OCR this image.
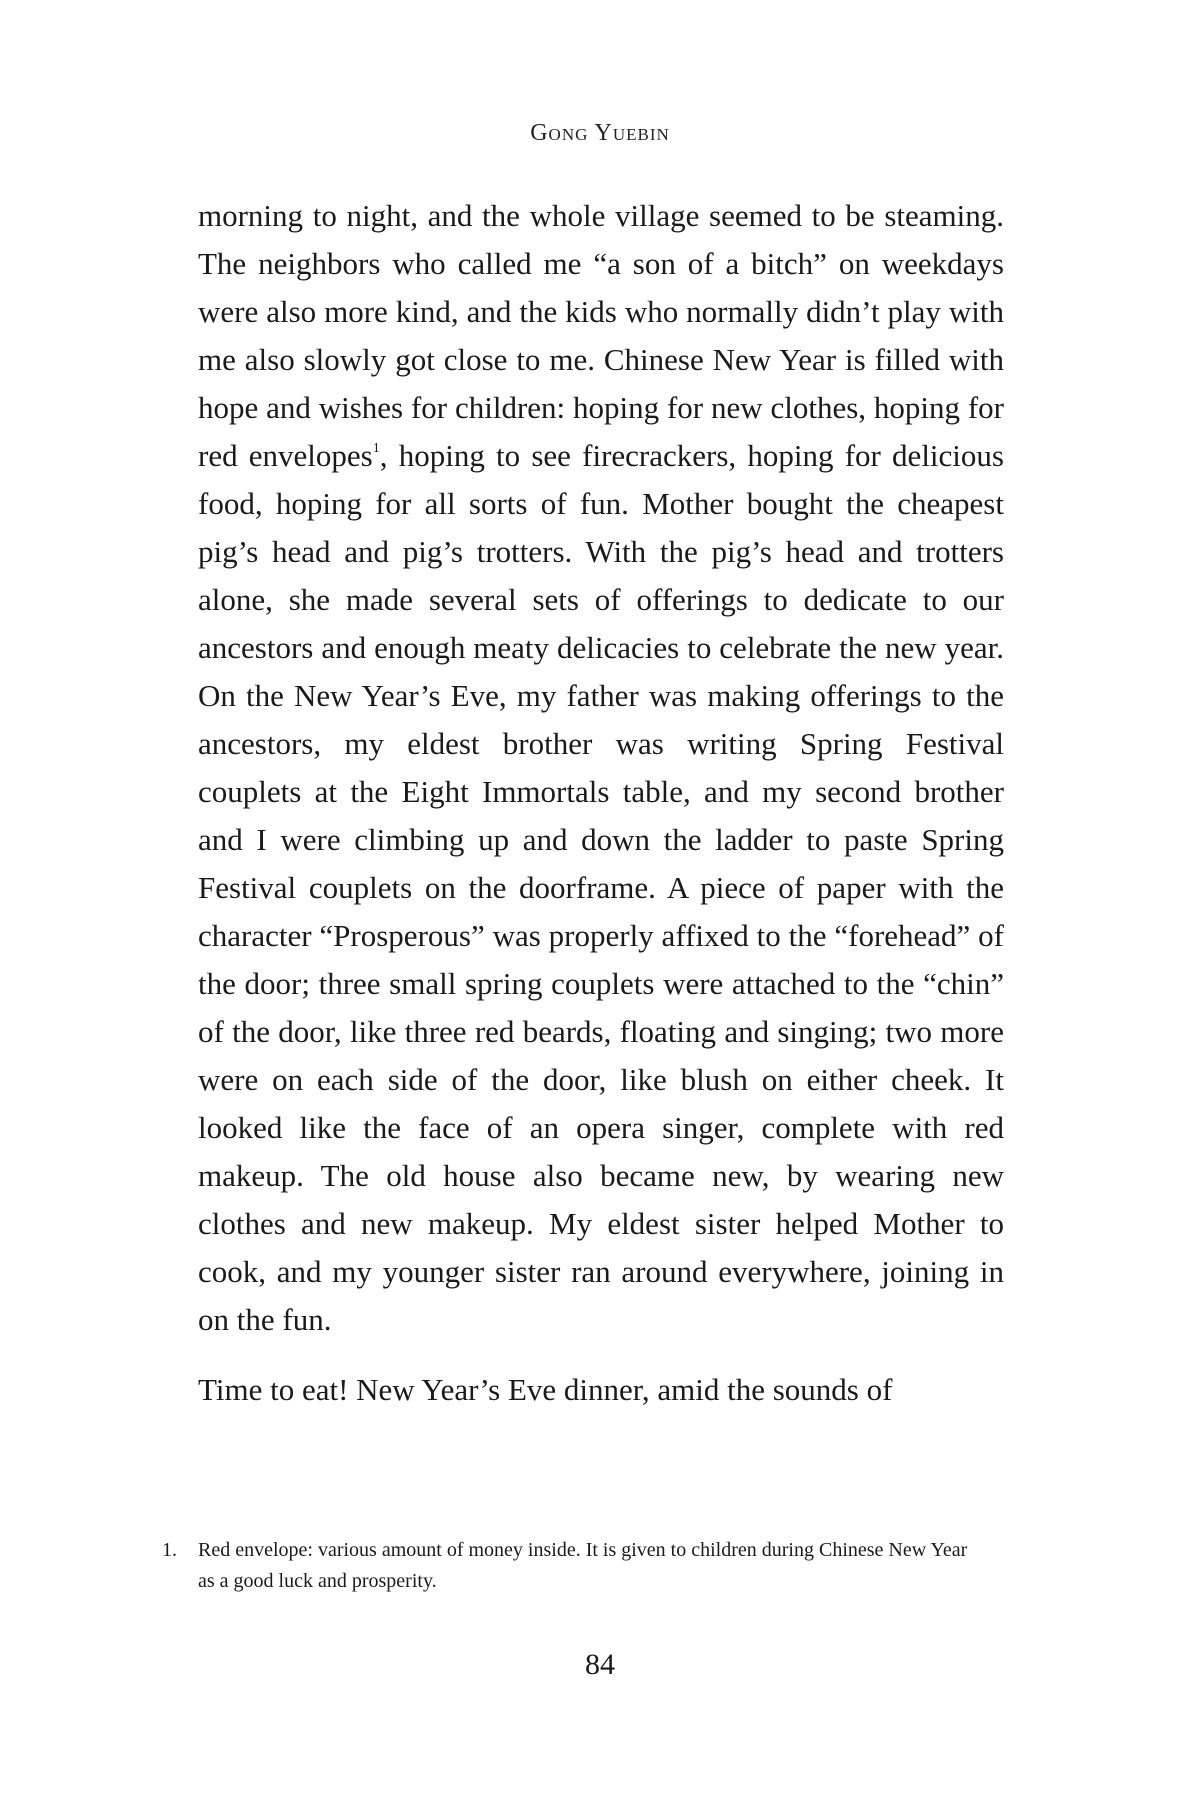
Gong Yuebin

morning to night, and the whole village seemed to be steaming. The neighbors who called me “a son of a bitch” on weekdays were also more kind, and the kids who normally didn’t play with me also slowly got close to me. Chinese New Year is filled with hope and wishes for children: hoping for new clothes, hoping for red envelopes$^1$, hoping to see firecrackers, hoping for delicious food, hoping for all sorts of fun. Mother bought the cheapest pig’s head and pig’s trotters. With the pig’s head and trotters alone, she made several sets of offerings to dedicate to our ancestors and enough meaty delicacies to celebrate the new year. On the New Year’s Eve, my father was making offerings to the ancestors, my eldest brother was writing Spring Festival couplets at the Eight Immortals table, and my second brother and I were climbing up and down the ladder to paste Spring Festival couplets on the doorframe. A piece of paper with the character “Prosperous” was properly affixed to the “forehead” of the door; three small spring couplets were attached to the “chin” of the door, like three red beards, floating and singing; two more were on each side of the door, like blush on either cheek. It looked like the face of an opera singer, complete with red makeup. The old house also became new, by wearing new clothes and new makeup. My eldest sister helped Mother to cook, and my younger sister ran around everywhere, joining in on the fun.

Time to eat! New Year’s Eve dinner, amid the sounds of

1.	Red envelope: various amount of money inside. It is given to children during Chinese New Year as a good luck and prosperity.
84
